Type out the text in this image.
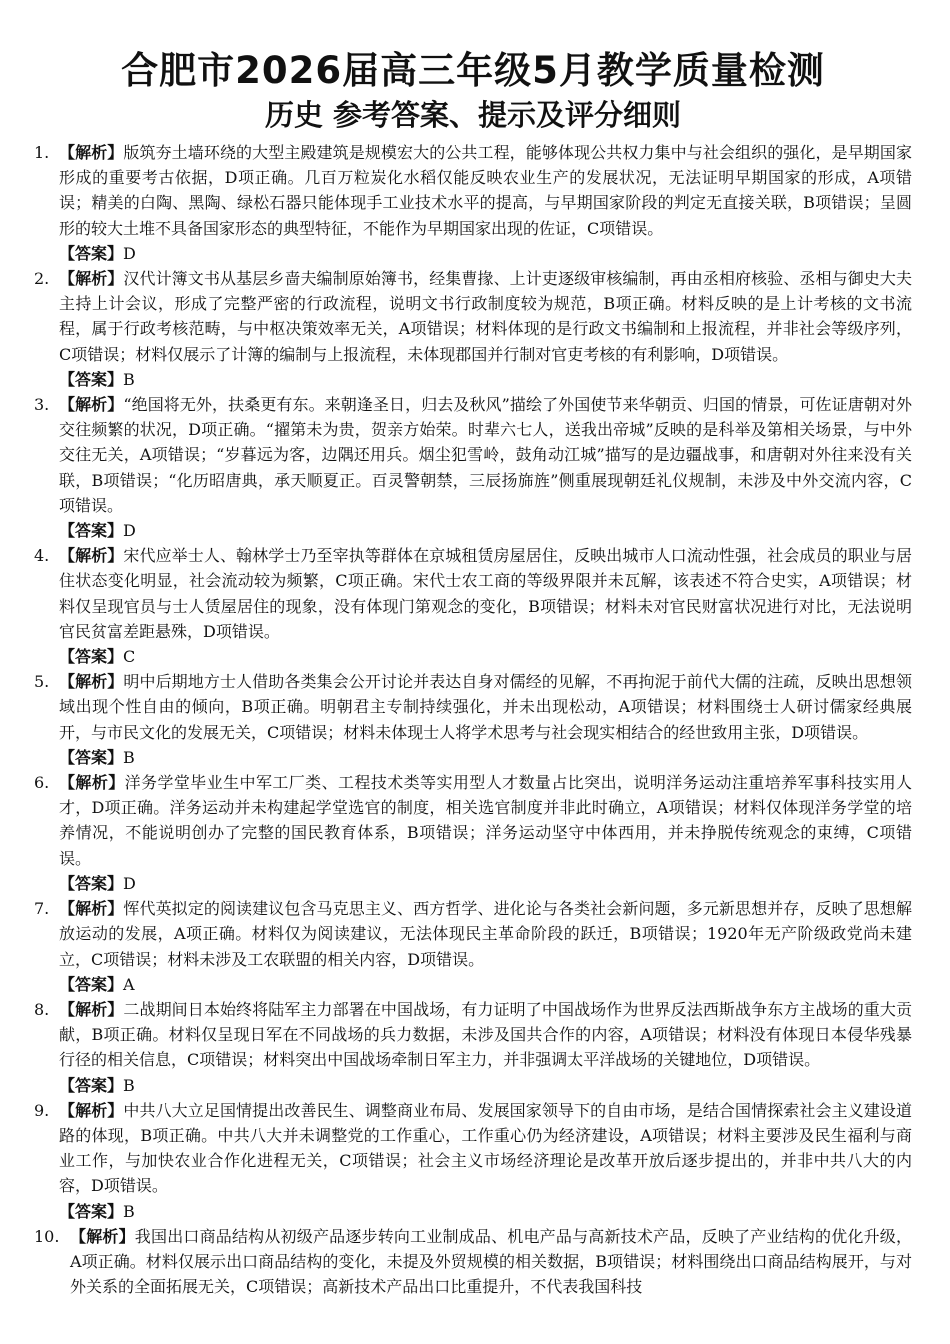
合肥市2026届高三年级5月教学质量检测
历史 参考答案、提示及评分细则
1. 【解析】版筑夯土墙环绕的大型主殿建筑是规模宏大的公共工程，能够体现公共权力集中与社会组织的强化，是早期国家形成的重要考古依据，D项正确。几百万粒炭化水稻仅能反映农业生产的发展状况，无法证明早期国家的形成，A项错误；精美的白陶、黑陶、绿松石器只能体现手工业技术水平的提高，与早期国家阶段的判定无直接关联，B项错误；呈圆形的较大土堆不具备国家形态的典型特征，不能作为早期国家出现的佐证，C项错误。
【答案】D
2. 【解析】汉代计簿文书从基层乡啬夫编制原始簿书，经集曹掾、上计吏逐级审核编制，再由丞相府核验、丞相与御史大夫主持上计会议，形成了完整严密的行政流程，说明文书行政制度较为规范，B项正确。材料反映的是上计考核的文书流程，属于行政考核范畴，与中枢决策效率无关，A项错误；材料体现的是行政文书编制和上报流程，并非社会等级序列，C项错误；材料仅展示了计簿的编制与上报流程，未体现郡国并行制对官吏考核的有利影响，D项错误。
【答案】B
3. 【解析】“绝国将无外，扶桑更有东。来朝逢圣日，归去及秋风”描绘了外国使节来华朝贡、归国的情景，可佐证唐朝对外交往频繁的状况，D项正确。“擢第未为贵，贺亲方始荣。时辈六七人，送我出帝城”反映的是科举及第相关场景，与中外交往无关，A项错误；“岁暮远为客，边隅还用兵。烟尘犯雪岭，鼓角动江城”描写的是边疆战事，和唐朝对外往来没有关联，B项错误；“化历昭唐典，承天顺夏正。百灵警朝禁，三辰扬旆旌”侧重展现朝廷礼仪规制，未涉及中外交流内容，C项错误。
【答案】D
4. 【解析】宋代应举士人、翰林学士乃至宰执等群体在京城租赁房屋居住，反映出城市人口流动性强，社会成员的职业与居住状态变化明显，社会流动较为频繁，C项正确。宋代士农工商的等级界限并未瓦解，该表述不符合史实，A项错误；材料仅呈现官员与士人赁屋居住的现象，没有体现门第观念的变化，B项错误；材料未对官民财富状况进行对比，无法说明官民贫富差距悬殊，D项错误。
【答案】C
5. 【解析】明中后期地方士人借助各类集会公开讨论并表达自身对儒经的见解，不再拘泥于前代大儒的注疏，反映出思想领域出现个性自由的倾向，B项正确。明朝君主专制持续强化，并未出现松动，A项错误；材料围绕士人研讨儒家经典展开，与市民文化的发展无关，C项错误；材料未体现士人将学术思考与社会现实相结合的经世致用主张，D项错误。
【答案】B
6. 【解析】洋务学堂毕业生中军工厂类、工程技术类等实用型人才数量占比突出，说明洋务运动注重培养军事科技实用人才，D项正确。洋务运动并未构建起学堂选官的制度，相关选官制度并非此时确立，A项错误；材料仅体现洋务学堂的培养情况，不能说明创办了完整的国民教育体系，B项错误；洋务运动坚守中体西用，并未挣脱传统观念的束缚，C项错误。
【答案】D
7. 【解析】恽代英拟定的阅读建议包含马克思主义、西方哲学、进化论与各类社会新问题，多元新思想并存，反映了思想解放运动的发展，A项正确。材料仅为阅读建议，无法体现民主革命阶段的跃迁，B项错误；1920年无产阶级政党尚未建立，C项错误；材料未涉及工农联盟的相关内容，D项错误。
【答案】A
8. 【解析】二战期间日本始终将陆军主力部署在中国战场，有力证明了中国战场作为世界反法西斯战争东方主战场的重大贡献，B项正确。材料仅呈现日军在不同战场的兵力数据，未涉及国共合作的内容，A项错误；材料没有体现日本侵华残暴行径的相关信息，C项错误；材料突出中国战场牵制日军主力，并非强调太平洋战场的关键地位，D项错误。
【答案】B
9. 【解析】中共八大立足国情提出改善民生、调整商业布局、发展国家领导下的自由市场，是结合国情探索社会主义建设道路的体现，B项正确。中共八大并未调整党的工作重心，工作重心仍为经济建设，A项错误；材料主要涉及民生福利与商业工作，与加快农业合作化进程无关，C项错误；社会主义市场经济理论是改革开放后逐步提出的，并非中共八大的内容，D项错误。
【答案】B
10. 【解析】我国出口商品结构从初级产品逐步转向工业制成品、机电产品与高新技术产品，反映了产业结构的优化升级，A项正确。材料仅展示出口商品结构的变化，未提及外贸规模的相关数据，B项错误；材料围绕出口商品结构展开，与对外关系的全面拓展无关，C项错误；高新技术产品出口比重提升，不代表我国科技
